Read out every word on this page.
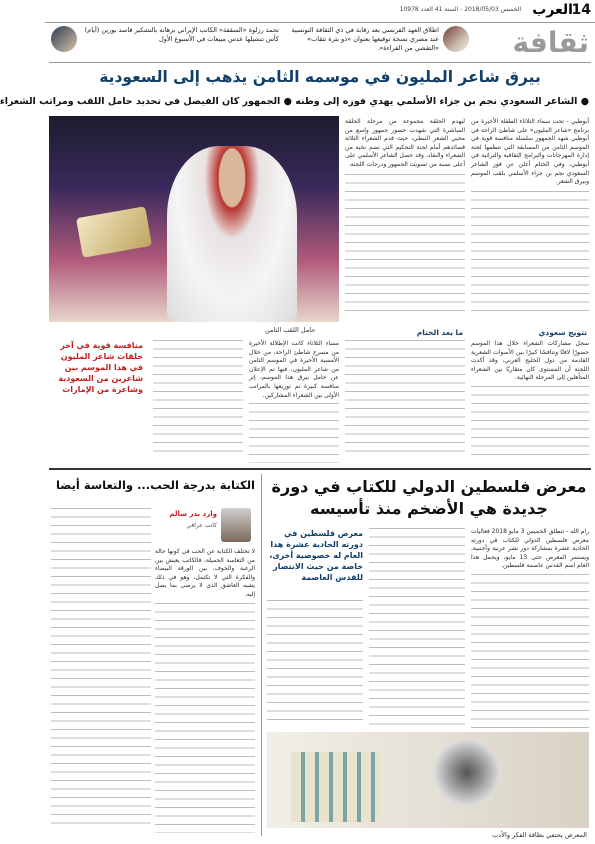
14
العرب
الخميس 2018/05/03 - السنة 41 العدد 10978
ثقافة
اطلاق العهد الفرنسي بعد رقابة في ذي الثقافة التونسية عند مصري نسخة توقيعها بعنوان «ذو بئرة تثقاب» «التقشي من القراءة».
تحمد رزلوة «السقفة» الكاتب الإيراني برهانه بالتشكير قاسد بورين (أيام) كأس تنشيلها عدس مبيعات في الأسبوع الأول
بيرق شاعر المليون في موسمه الثامن يذهب إلى السعودية
● الشاعر السعودي نجم بن جزاء الأسلمي يهدي فوزه إلى وطنه ● الجمهور كان الفيصل في تحديد حامل اللقب ومراتب الشعراء
حامل اللقب الثامن
أبوظبي - تحت سماء الثلاثاء الطقلة الأخيرة من برنامج «شاعر المليون» على شاطئ الراحة في أبوظبي شهد الجمهور سلسلة منافسة قوية في الموسم الثامن من المسابقة التي تنظمها لجنة إدارة المهرجانات والبرامج الثقافية والتراثية في أبوظبي، وفي الختام أعلن عن فوز الشاعر السعودي نجم بن جزاء الأسلمي بلقب الموسم وبيرق الشعر.
ليهدم الحلقة مجموعة من مرحلة الحلقة المباشرة التي شهدت حضور جمهور واسع من محبي الشعر النبطي، حيث قدم الشعراء الثلاثة قصائدهم أمام لجنة التحكيم التي تضم نخبة من الشعراء والنقاد، وقد حصل الشاعر الأسلمي على أعلى نسبة من تصويت الجمهور ودرجات اللجنة.
تتويج سعودي
ما بعد الختام
سجل مشاركات الشعراء خلال هذا الموسم حضورًا لافتًا وتنافسًا كبيرًا بين الأصوات الشعرية القادمة من دول الخليج العربي، وقد أكدت اللجنة أن المستوى كان متقاربًا بين الشعراء المتأهلين إلى المرحلة النهائية.
مساء الثلاثاء كانت الإطلالة الأخيرة من مسرح شاطئ الراحة، من خلال الأمسية الأخيرة في الموسم الثامن من شاعر المليون، فيها تم الإعلان عن حامل بيرق هذا الموسم، إثر منافسة كبيرة تم توزيعها بالمراتب الأولى بين الشعراء المشاركين.
منافسة قوية في آخر حلقات شاعر المليون في هذا الموسم بين شاعرين من السعودية وشاعرة من الإمارات
معرض فلسطين الدولي للكتاب في دورة جديدة هي الأضخم منذ تأسيسه
رام الله - تنطلق الخميس 3 مايو 2018 فعاليات معرض فلسطين الدولي للكتاب في دورته الحادية عشرة بمشاركة دور نشر عربية وأجنبية، ويستمر المعرض حتى 13 مايو، ويحمل هذا العام اسم القدس عاصمة فلسطين.
معرض فلسطين في دورته الحادية عشرة هذا العام له خصوصية أخرى، خاصة من حيث الانتصار للقدس العاصمة
المعرض يحتفي بطاقة الفكر والأدب
الكتابة بدرجة الحب... والتعاسة أيضا
وارد بدر سالم
كاتب عراقي
لا تختلف الكتابة عن الحب في كونها حالة من التعاسة الجميلة، فالكاتب يعيش بين الرغبة والخوف، بين الورقة البيضاء والفكرة التي لا تكتمل، وهو في ذلك يشبه العاشق الذي لا يرضى بما يصل إليه.
